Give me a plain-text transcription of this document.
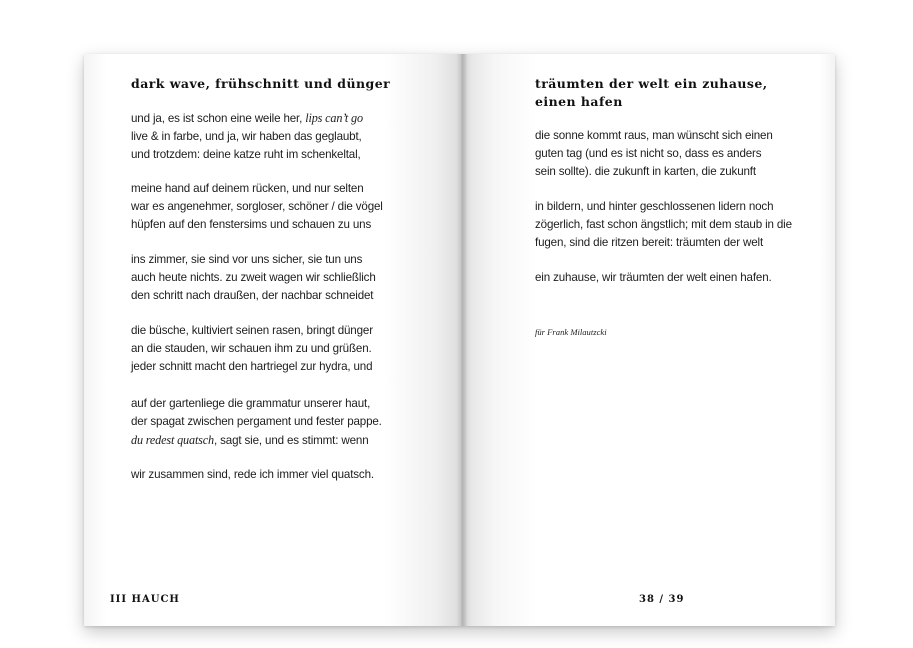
dark wave, frühschnitt und dünger
und ja, es ist schon eine weile her, lips can’t go
live & in farbe, und ja, wir haben das geglaubt,
und trotzdem: deine katze ruht im schenkeltal,
meine hand auf deinem rücken, und nur selten
war es angenehmer, sorgloser, schöner / die vögel
hüpfen auf den fenstersims und schauen zu uns
ins zimmer, sie sind vor uns sicher, sie tun uns
auch heute nichts. zu zweit wagen wir schließlich
den schritt nach draußen, der nachbar schneidet
die büsche, kultiviert seinen rasen, bringt dünger
an die stauden, wir schauen ihm zu und grüßen.
jeder schnitt macht den hartriegel zur hydra, und
auf der gartenliege die grammatur unserer haut,
der spagat zwischen pergament und fester pappe.
du redest quatsch, sagt sie, und es stimmt: wenn
wir zusammen sind, rede ich immer viel quatsch.
III HAUCH
träumten der welt ein zuhause,
einen hafen
die sonne kommt raus, man wünscht sich einen
guten tag (und es ist nicht so, dass es anders
sein sollte). die zukunft in karten, die zukunft
in bildern, und hinter geschlossenen lidern noch
zögerlich, fast schon ängstlich; mit dem staub in die
fugen, sind die ritzen bereit: träumten der welt
ein zuhause, wir träumten der welt einen hafen.
für Frank Milautzcki
38 / 39
